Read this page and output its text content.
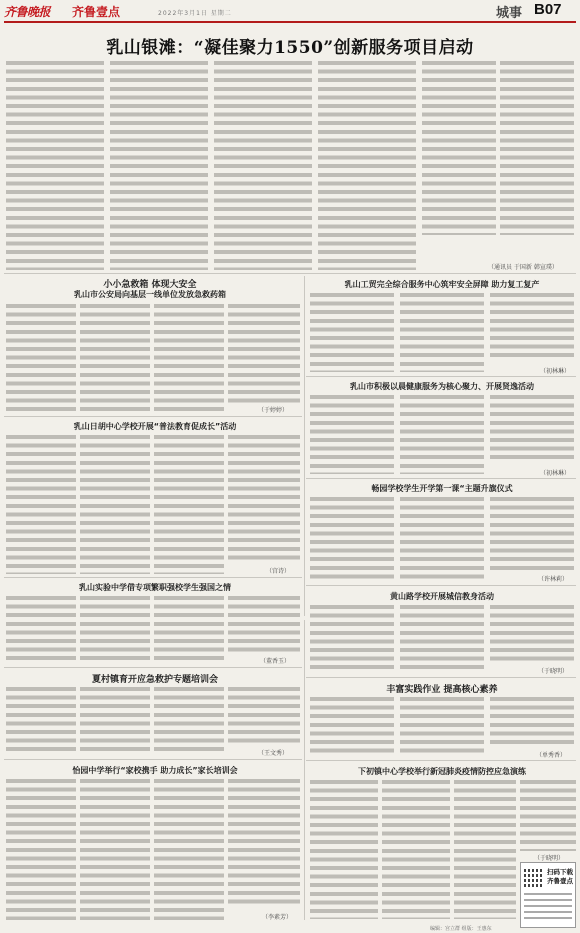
齐鲁晚报 齐鲁壹点	2022年3月1日 星期二	城事 B07
乳山银滩：“凝佳聚力1550”创新服务项目启动
（通讯员 于国新 韩宣璞）
小小急救箱 体现大安全
乳山市公安局向基层一线单位发放急救药箱
（于婷婷）
乳山工贸完全综合服务中心筑牢安全屏障 助力复工复产
（初林琳）
乳山市积极以晨健康服务为核心聚力、开展贤逸活动
（初林琳）
乳山日胡中心学校开展“普法教育促成长”活动
（宫诗）
畅园学校学生开学第一课“主题升旗仪式
（许林莉）
黄山路学校开展城信教身活动
（于晓明）
乳山实验中学借专项繁职强校学生强国之情
（董香玉）
丰富实践作业 提高核心素养
（单秀香）
夏村镇育开应急救护专题培训会
（王文秀）
下初镇中心学校举行新冠肺炎疫情防控应急演练
（于晓明）
怡园中学举行“家校携手 助力成长”家长培训会
（李素芳）
扫码下载
齐鲁壹点
编辑：宫立群 组版：王惠东
